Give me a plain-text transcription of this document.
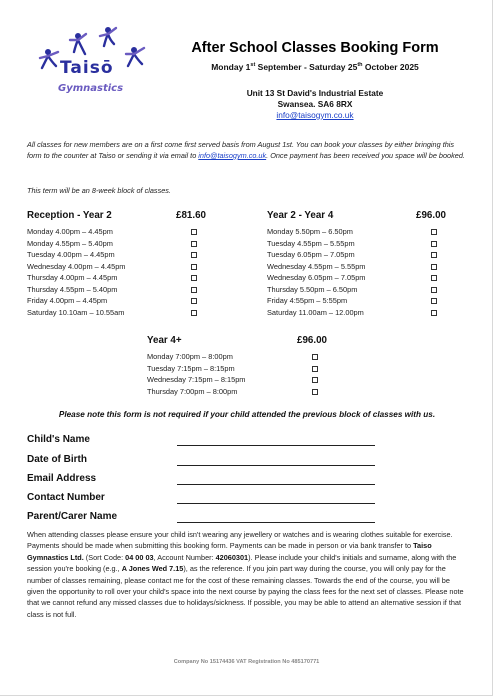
Taisō
Gymnastics
After School Classes Booking Form
Monday 1st September - Saturday 25th October 2025
Unit 13 St David's Industrial Estate
Swansea. SA6 8RX
info@taisogym.co.uk
All classes for new members are on a first come first served basis from August 1st. You can book your classes by either bringing this form to the counter at Taiso or sending it via email to info@taisogym.co.uk. Once payment has been received you space will be booked.
This term will be an 8-week block of classes.
Reception - Year 2	£81.60
Monday 4.00pm – 4.45pm
Monday 4.55pm – 5.40pm
Tuesday 4.00pm – 4.45pm
Wednesday 4.00pm – 4.45pm
Thursday 4.00pm – 4.45pm
Thursday 4.55pm – 5.40pm
Friday 4.00pm – 4.45pm
Saturday 10.10am – 10.55am
Year 2 - Year 4	£96.00
Monday 5.50pm – 6.50pm
Tuesday 4.55pm – 5.55pm
Tuesday 6.05pm – 7.05pm
Wednesday 4.55pm – 5.55pm
Wednesday 6.05pm – 7.05pm
Thursday 5.50pm – 6.50pm
Friday 4:55pm – 5:55pm
Saturday 11.00am – 12.00pm
Year 4+	£96.00
Monday 7:00pm – 8:00pm
Tuesday 7:15pm – 8:15pm
Wednesday 7:15pm – 8:15pm
Thursday 7:00pm – 8:00pm
Please note this form is not required if your child attended the previous block of classes with us.
Child's Name
Date of Birth
Email Address
Contact Number
Parent/Carer Name
When attending classes please ensure your child isn't wearing any jewellery or watches and is wearing clothes suitable for exercise. Payments should be made when submitting this booking form. Payments can be made in person or via bank transfer to Taiso Gymnastics Ltd. (Sort Code: 04 00 03, Account Number: 42060301). Please include your child's initials and surname, along with the session you're booking (e.g., A Jones Wed 7.15), as the reference. If you join part way during the course, you will only pay for the number of classes remaining, please contact me for the cost of these remaining classes. Towards the end of the course, you will be given the opportunity to roll over your child's space into the next course by paying the class fees for the next set of classes. Please note that we cannot refund any missed classes due to holidays/sickness. If possible, you may be able to attend an alternative session if that class is not full.
Company No 15174436 VAT Registration No 485170771
